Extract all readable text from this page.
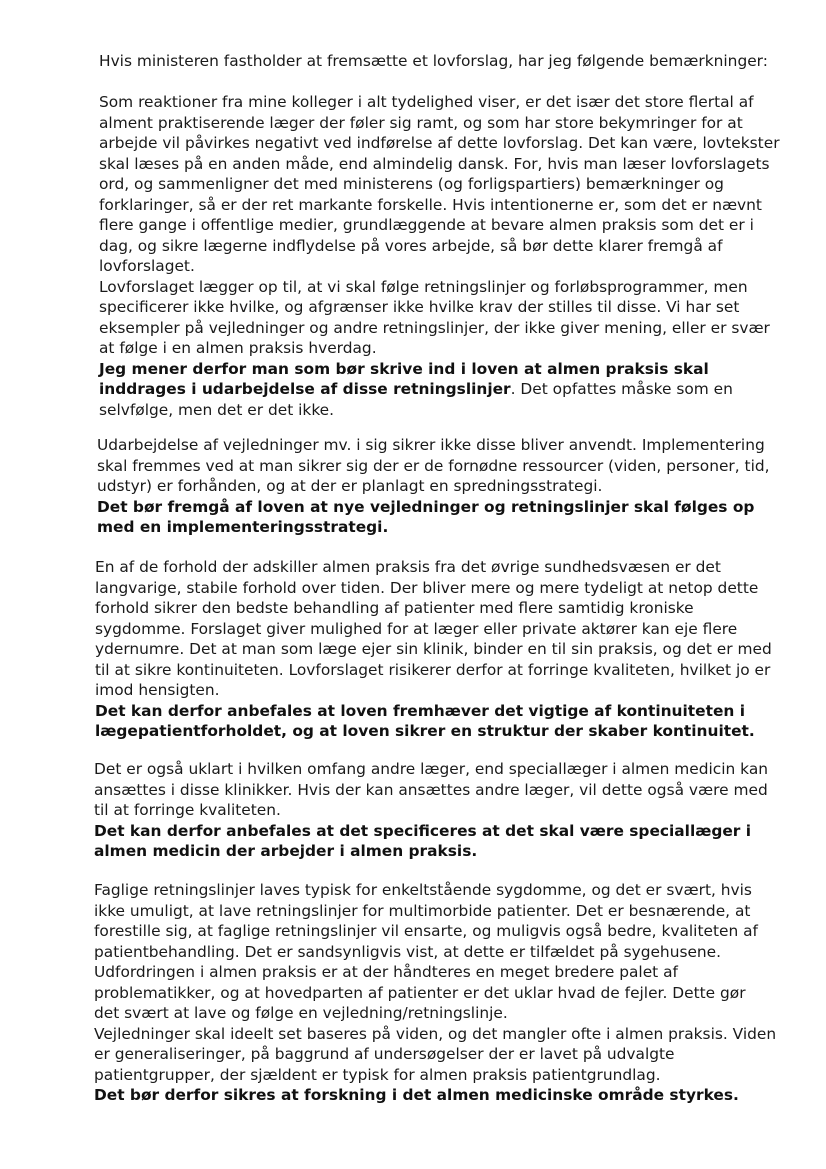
Hvis ministeren fastholder at fremsætte et lovforslag, har jeg følgende bemærkninger:
Som reaktioner fra mine kolleger i alt tydelighed viser, er det især det store flertal af
alment praktiserende læger der føler sig ramt, og som har store bekymringer for at
arbejde vil påvirkes negativt ved indførelse af dette lovforslag. Det kan være, lovtekster
skal læses på en anden måde, end almindelig dansk. For, hvis man læser lovforslagets
ord, og sammenligner det med ministerens (og forligspartiers) bemærkninger og
forklaringer, så er der ret markante forskelle. Hvis intentionerne er, som det er nævnt
flere gange i offentlige medier, grundlæggende at bevare almen praksis som det er i
dag, og sikre lægerne indflydelse på vores arbejde, så bør dette klarer fremgå af
lovforslaget.
Lovforslaget lægger op til, at vi skal følge retningslinjer og forløbsprogrammer, men
specificerer ikke hvilke, og afgrænser ikke hvilke krav der stilles til disse. Vi har set
eksempler på vejledninger og andre retningslinjer, der ikke giver mening, eller er svær
at følge i en almen praksis hverdag.
Jeg mener derfor man som bør skrive ind i loven at almen praksis skal
inddrages i udarbejdelse af disse retningslinjer. Det opfattes måske som en
selvfølge, men det er det ikke.
Udarbejdelse af vejledninger mv. i sig sikrer ikke disse bliver anvendt. Implementering
skal fremmes ved at man sikrer sig der er de fornødne ressourcer (viden, personer, tid,
udstyr) er forhånden, og at der er planlagt en spredningsstrategi.
Det bør fremgå af loven at nye vejledninger og retningslinjer skal følges op
med en implementeringsstrategi.
En af de forhold der adskiller almen praksis fra det øvrige sundhedsvæsen er det
langvarige, stabile forhold over tiden. Der bliver mere og mere tydeligt at netop dette
forhold sikrer den bedste behandling af patienter med flere samtidig kroniske
sygdomme. Forslaget giver mulighed for at læger eller private aktører kan eje flere
ydernumre. Det at man som læge ejer sin klinik, binder en til sin praksis, og det er med
til at sikre kontinuiteten. Lovforslaget risikerer derfor at forringe kvaliteten, hvilket jo er
imod hensigten.
Det kan derfor anbefales at loven fremhæver det vigtige af kontinuiteten i
lægepatientforholdet, og at loven sikrer en struktur der skaber kontinuitet.
Det er også uklart i hvilken omfang andre læger, end speciallæger i almen medicin kan
ansættes i disse klinikker. Hvis der kan ansættes andre læger, vil dette også være med
til at forringe kvaliteten.
Det kan derfor anbefales at det specificeres at det skal være speciallæger i
almen medicin der arbejder i almen praksis.
Faglige retningslinjer laves typisk for enkeltstående sygdomme, og det er svært, hvis
ikke umuligt, at lave retningslinjer for multimorbide patienter. Det er besnærende, at
forestille sig, at faglige retningslinjer vil ensarte, og muligvis også bedre, kvaliteten af
patientbehandling. Det er sandsynligvis vist, at dette er tilfældet på sygehusene.
Udfordringen i almen praksis er at der håndteres en meget bredere palet af
problematikker, og at hovedparten af patienter er det uklar hvad de fejler. Dette gør
det svært at lave og følge en vejledning/retningslinje.
Vejledninger skal ideelt set baseres på viden, og det mangler ofte i almen praksis. Viden
er generaliseringer, på baggrund af undersøgelser der er lavet på udvalgte
patientgrupper, der sjældent er typisk for almen praksis patientgrundlag.
Det bør derfor sikres at forskning i det almen medicinske område styrkes.
